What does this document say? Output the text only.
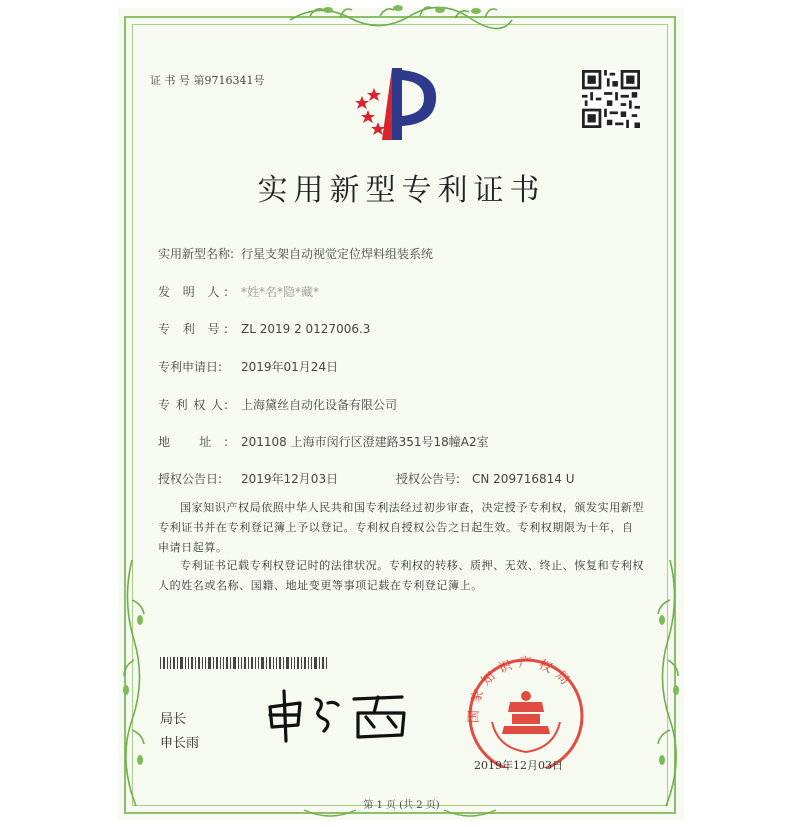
证 书 号 第9716341号
实用新型专利证书
实用新型名称: 行星支架自动视觉定位焊料组装系统
发 明 人: *姓*名*隐*藏*
专 利 号: ZL 2019 2 0127006.3
专利申请日: 2019年01月24日
专 利 权 人: 上海黛丝自动化设备有限公司
地 址: 201108 上海市闵行区澄建路351号18幢A2室
授权公告日: 2019年12月03日	授权公告号: CN 209716814 U
国家知识产权局依照中华人民共和国专利法经过初步审查，决定授予专利权，颁发实用新型专利证书并在专利登记簿上予以登记。专利权自授权公告之日起生效。专利权期限为十年，自申请日起算。
专利证书记载专利权登记时的法律状况。专利权的转移、质押、无效、终止、恢复和专利权人的姓名或名称、国籍、地址变更等事项记载在专利登记簿上。
局长
申长雨
国家知识产权局
2019年12月03日
第 1 页 (共 2 页)
